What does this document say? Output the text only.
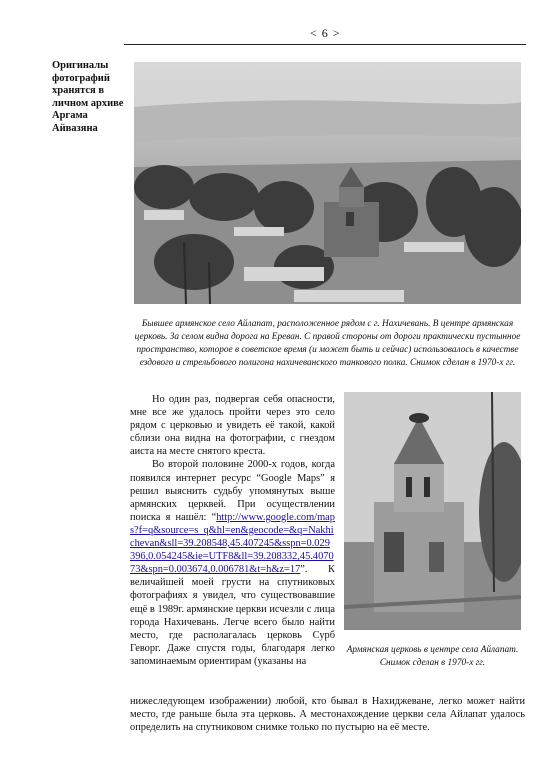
< 6 >
Оригиналы фотографий хранятся в личном архиве Аргама Айвазяна
Бывшее армянское село Айлапат, расположенное рядом с г. Нахичевань. В центре армянская церковь. За селом видна дорога на Ереван. С правой стороны от дороги практически пустынное пространство, которое в советское время (и может быть и сейчас) использовалось в качестве ездового и стрельбового полигона нахичеванского танкового полка. Снимок сделан в 1970-х гг.
Армянская церковь в центре села Айлапат. Снимок сделан в 1970-х гг.

Но один раз, подвергая себя опасности, мне все же удалось пройти через это село рядом с церковью и увидеть её такой, какой сблизи она видна на фотографии, с гнездом аиста на месте снятого креста.

Во второй половине 2000-х годов, когда появился интернет ресурс “Google Maps” я решил выяснить судьбу упомянутых выше армянских церквей. При осуществлении поиска я нашёл: “http://www.google.com/maps?f=q&source=s_q&hl=en&geocode=&q=Nakhichevan&sll=39.208548,45.407245&sspn=0.029396,0.054245&ie=UTF8&ll=39.208332,45.407073&spn=0.003674,0.006781&t=h&z=17”. К величайшей моей грусти на спутниковых фотографиях я увидел, что существовавшие ещё в 1989г. армянские церкви исчезли с лица города Нахичевань. Легче всего было найти место, где располагалась церковь Сурб Геворг. Даже спустя годы, благодаря легко запоминаемым ориентирам (указаны на

нижеследующем изображении) любой, кто бывал в Нахиджеване, легко может найти место, где раньше была эта церковь. А местонахождение церкви села Айлапат удалось определить на спутниковом снимке только по пустырю на её месте.
